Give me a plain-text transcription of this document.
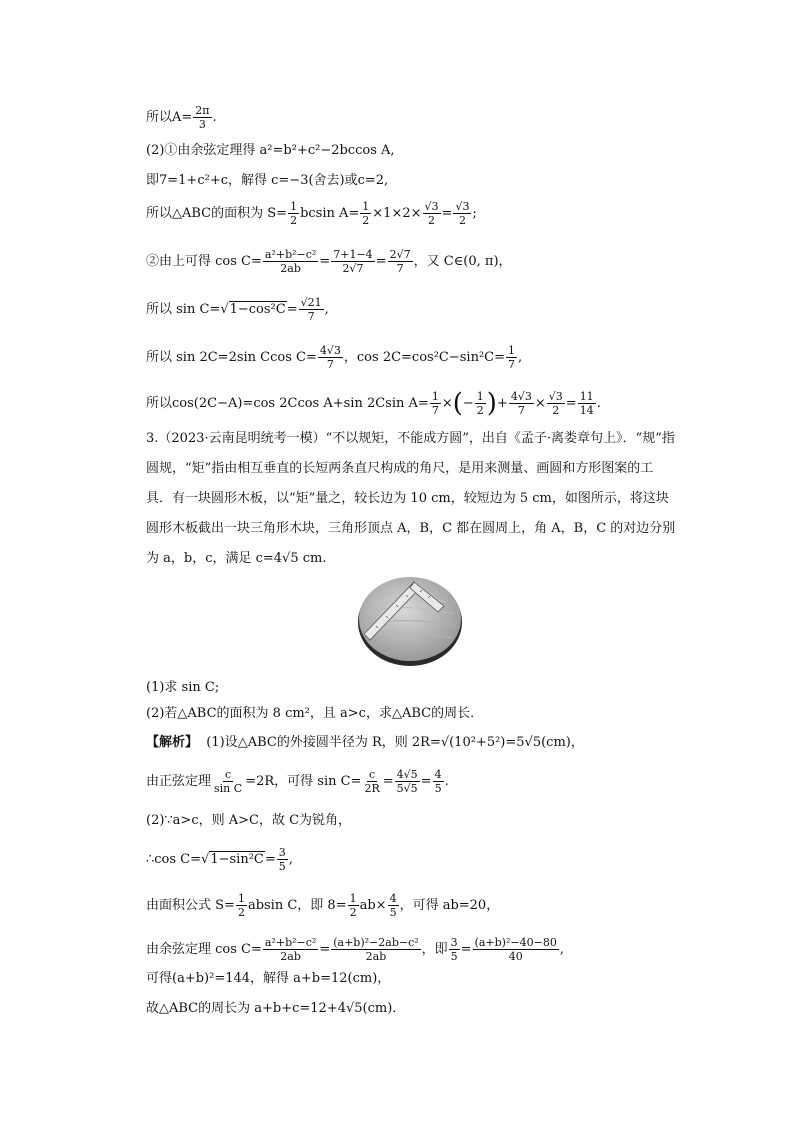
所以$A= \frac{2\pi}{3}$ .
(2)①由余弦定理得 a²=b²+c²−2bccos A,
即7=1+c²+c，解得 c=−3(舍去)或c=2,
所以△ABC的面积为 $S= \frac{1}{2}$ bcsin $A= \frac{1}{2} \times 1\times 2\times \frac{√3}{2} = \frac{√3}{2}$ ;
②由上可得 $\cos C= \frac{\text{a²+b²−c²}}{2ab} = \frac{7+1-4}{2√7} = \frac{2√7}{7}$ ，又 C∈(0, π)，
所以 $\sin C=√1-\cos^2C= \frac{√21}{7}$ ,
所以 sin 2C=2sin Ccos $C= \frac{4√3}{7}$ ，$\cos 2C=\cos^2C-\sin^2C= \frac{1}{7}$ ,
所以cos(2C−A)=cos 2Ccos A+sin 2Csin $A= \frac{1}{7}$ ×(− $\frac{1}{2}$ )+ $\frac{4√3}{7} \times \frac{√3}{2} = \frac{11}{14}$ .
3.（2023·云南昆明统考一模）“不以规矩，不能成方圆”，出自《孟子·离娄章句上》．“规”指圆规，“矩”指由相互垂直的长短两条直尺构成的角尺，是用来测量、画圆和方形图案的工具．有一块圆形木板，以“矩”量之，较长边为 10 cm，较短边为 5 cm，如图所示，将这块圆形木板截出一块三角形木块，三角形顶点 A，B，C 都在圆周上，角 A，B，C 的对边分别为 a，b，c，满足 c=4√5 cm.
(1)求 sin C;
(2)若△ABC的面积为 8 cm²，且 a>c，求△ABC的周长．
【解析】 (1)设△ABC的外接圆半径为 R，则 2R=√(10²+5²)=5√5(cm)，
由正弦定理 $\frac{c}{\text{sin C}} =2R$，可得 $\sin C= \frac{c}{2R} = \frac{4√5}{5√5} = \frac{4}{5}$ .
(2)∵a>c，则 A>C，故 C为锐角，
∴cos $C=√1-\sin^2C= \frac{3}{5}$ ,
由面积公式 $S= \frac{1}{2}$ absin C，即 $8= \frac{1}{2} ab\times \frac{4}{5}$ ，可得 ab=20，
由余弦定理 $\cos C= \frac{\text{a²+b²−c²}}{2ab} = \frac{\text{(a+b)²−2ab−c²}}{2ab}$ ，即 $\frac{3}{5} = \frac{\text{(a+b)²−40−80}}{40}$ ,
可得(a+b)²=144，解得 a+b=12(cm)，
故△ABC的周长为 a+b+c=12+4√5(cm)．
